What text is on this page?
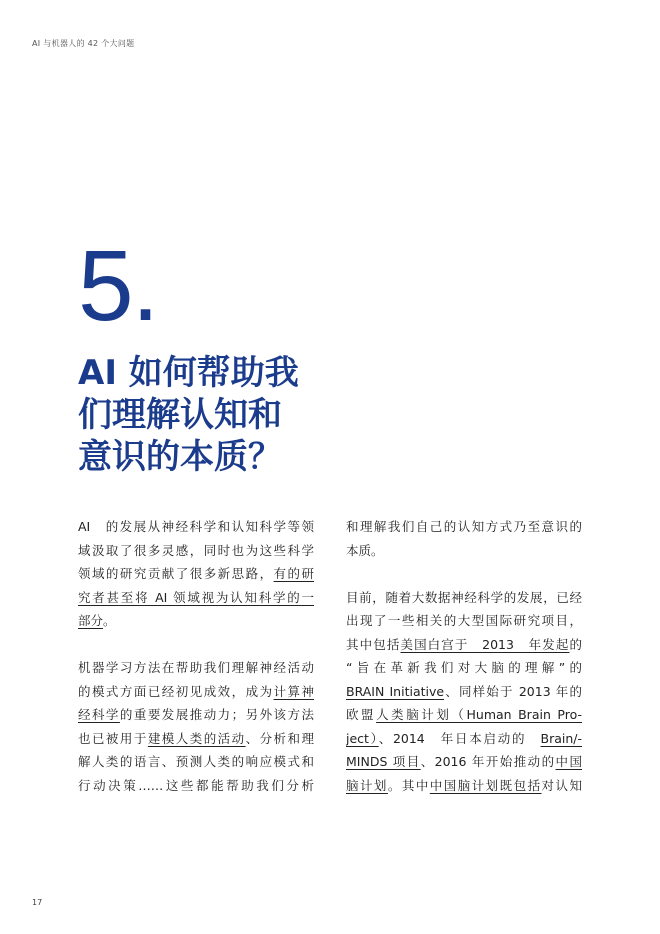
AI 与机器人的 42 个大问题
5.
AI 如何帮助我
们理解认知和
意识的本质？
AI　的发展从神经科学和认知科学等领
域汲取了很多灵感，同时也为这些科学
领域的研究贡献了很多新思路，有的研
究者甚至将 AI 领域视为认知科学的一
部分。
机器学习方法在帮助我们理解神经活动
的模式方面已经初见成效，成为计算神
经科学的重要发展推动力；另外该方法
也已被用于建模人类的活动、分析和理
解人类的语言、预测人类的响应模式和
行动决策……这些都能帮助我们分析
和理解我们自己的认知方式乃至意识的
本质。
目前，随着大数据神经科学的发展，已经
出现了一些相关的大型国际研究项目，
其中包括美国白宫于　2013　年发起的
“旨在革新我们对大脑的理解”的
BRAIN Initiative、同样始于 2013 年的
欧盟人类脑计划（Human Brain Pro-
ject）、2014　年日本启动的　Brain/-
MINDS 项目、2016 年开始推动的中国
脑计划。其中中国脑计划既包括对认知
17
